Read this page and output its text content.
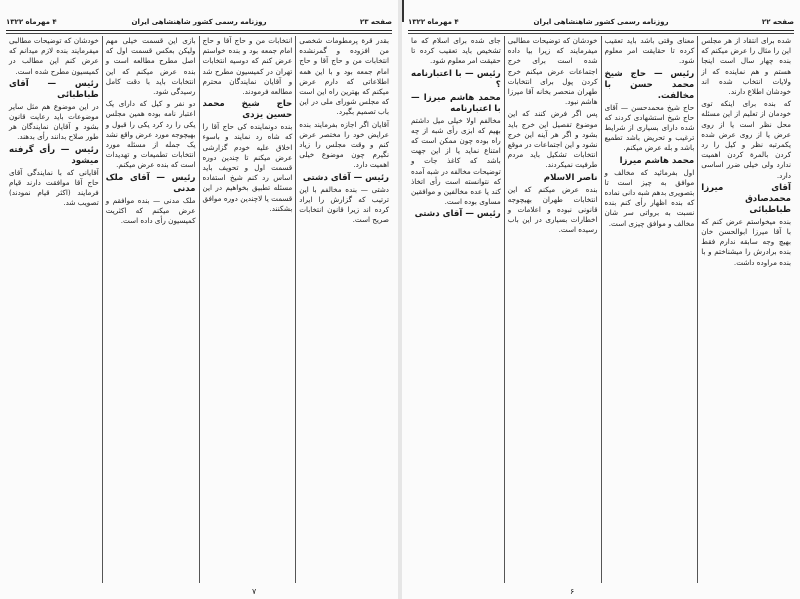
صفحه ۲۳
روزنامه رسمی کشور شاهنشاهی ایران
۴ مهرماه ۱۳۲۲

بقدر قرة پرمطومات شخصی من افزوده و گمرنشده انتخابات من و حاج آقا و حاج امام جمعه بود و با این همه اطلاعاتی که دارم عرض میکنم که بهترین راه این است که مجلس شورای ملی در این باب تصمیم بگیرد.

آقایان اگر اجازه بفرمایند بنده عرایض خود را مختصر عرض کنم و وقت مجلس را زیاد نگیرم چون موضوع خیلی اهمیت دارد.

رئیس — آقای دشتی

دشتی — بنده مخالفم با این ترتیب که گزارش را ایراد کرده اند زیرا قانون انتخابات صریح است.

انتخابات من و حاج آقا و حاج امام جمعه بود و بنده خواستم عرض کنم که دوسیه انتخابات تهران در کمیسیون مطرح شد و آقایان نمایندگان محترم مطالعه فرمودند.

حاج شیخ محمد حسین یزدی

بنده دونماینده کی حاج آقا را که شاه رد نمایند و باسوء اخلاق علیه خودم گزارشی عرض میکنم تا چندین دوره قسمت اول و تحویف باید اساس رد کنم شیخ استفاده مسئله تطبیق بخواهیم در این قسمت یا لاچندین دوره موافق بشکنند.

بازی این قسمت خیلی مهم ولیکن بعکس قسمت اول که اصل مطرح مطالعه است و بنده عرض میکنم که این انتخابات باید با دقت کامل رسیدگی شود.

دو نفر و کیل که دارای یک اعتبار نامه بوده همین مجلس یکی را رد کرد یکی را قبول و بهیچوجه مورد عرض واقع نشد یک جمله از مسئله مورد انتخابات تطمیعات و تهدیدات است که بنده عرض میکنم.

رئیس — آقای ملک مدنی

ملک مدنی — بنده موافقم و عرض میکنم که اکثریت کمیسیون رأی داده است.

خودشان که توضیحات مطالبی میفرمایند بنده لازم میدانم که عرض کنم این مطالب در کمیسیون مطرح شده است.

رئیس — آقای طباطبائی

در این موضوع هم مثل سایر موضوعات باید رعایت قانون بشود و آقایان نمایندگان هر طور صلاح بدانند رأی بدهند.

رئیس — رأی گرفته میشود

آقایانی که با نمایندگی آقای حاج آقا موافقت دارند قیام فرمایند (اکثر قیام نمودند) تصویب شد.

۷
صفحه ۲۲
روزنامه رسمی کشور شاهنشاهی ایران
۴ مهرماه ۱۳۲۲

شده برای انتقاد از هر مجلس این را مثال را عرض میکنم که بنده چهار سال است اینجا هستم و هم نماینده که از ولایات انتخاب شده اند خودشان اطلاع دارند.

که بنده برای اینکه توی خودمان از تعلیم از این مسئله محل نظر است یا از روی عرض یا از روی عرض شده یکمرتبه نظر و کیل را رد کردن بالمرة کردن اهمیت ندارد ولی خیلی ضرر اساسی دارد.

آقای میرزا محمدصادق طباطبائی

بنده میخواستم عرض کنم که با آقا میرزا ابوالحسن خان بهیچ وجه سابقه ندارم فقط بنده برادرش را میشناختم و با بنده مراوده داشت.

معنای وقتی باشد باید تعقیب کرده تا حقایقت امر معلوم شود.

رئیس — حاج شیخ محمد حسن با مخالفت.

حاج شیخ محمدحسن — آقای حاج شیخ استشهادی کردند که شده دارای بسیاری از شرایط ترغیب و تحریض باشد تطمیع باشد و بله عرض میکنم.

محمد هاشم میرزا

اول بفرمائید که مخالف و موافق به چیز است تا بتصویری بدهم شبه دانی نماده که بنده اظهار رأی کنم بنده نسبت به برواتی سر شان مخالف و موافق چیزی است.

خودشان که توضیحات مطالبی میفرمایند که زیرا بیا داده شده است برای خرج اجتماعات عرض میکنم خرج کردن پول برای انتخابات طهران منحصر بخانه آقا میرزا هاشم نبود.

پس اگر فرض کنند که این موضوع تفصیل این خرج باید بشود و اگر هر آینه این خرج نشود و این اجتماعات در موقع انتخابات تشکیل باید مردم طرفیت نمیکردند.

ناصر الاسلام

بنده عرض میکنم که این انتخابات طهران بهیچوجه قانونی نبوده و اعلامات و اخطارات بسیاری در این باب رسیده است.

جای شده برای اسلام که ما تشخیص باید تعقیب کرده تا حقیقت امر معلوم شود.

رئیس — با اعتبارنامه ؟
محمد هاشم میرزا — با اعتبارنامه

مخالفم اولا خیلی میل داشتم بهیم که ابزی رأی شبه از چه راه بوده چون ممکن است که امتناع نماید یا از این جهت باشد که کاغذ جات و توضیحات مخالفه در شبه آمده که نتوانسته است رأی اتخاذ کند یا عده مخالفین و موافقین مساوی بوده است.

رئیس — آقای دشتی
۶
